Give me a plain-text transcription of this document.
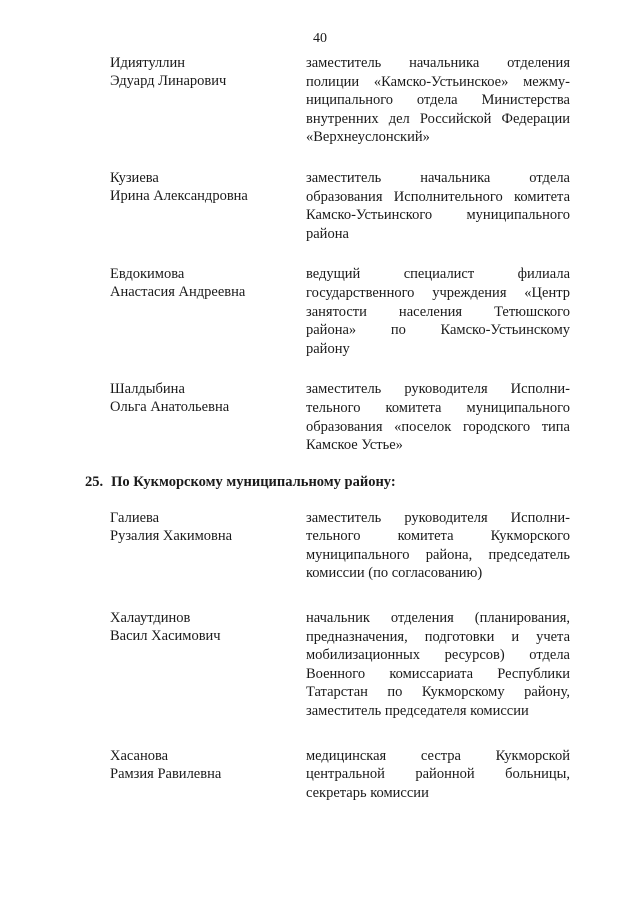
40
Идиятуллин
Эдуард Линарович
заместитель начальника отделения
полиции «Камско-Устьинское» межму-
ниципального отдела Министерства
внутренних дел Российской Федерации
«Верхнеуслонский»
Кузиева
Ирина Александровна
заместитель начальника отдела
образования Исполнительного комитета
Камско-Устьинского муниципального
района
Евдокимова
Анастасия Андреевна
ведущий специалист филиала
государственного учреждения «Центр
занятости населения Тетюшского
района» по Камско-Устьинскому
району
Шалдыбина
Ольга Анатольевна
заместитель руководителя Исполни-
тельного комитета муниципального
образования «поселок городского типа
Камское Устье»
25. По Кукморскому муниципальному району:
Галиева
Рузалия Хакимовна
заместитель руководителя Исполни-
тельного комитета Кукморского
муниципального района, председатель
комиссии (по согласованию)
Халаутдинов
Васил Хасимович
начальник отделения (планирования,
предназначения, подготовки и учета
мобилизационных ресурсов) отдела
Военного комиссариата Республики
Татарстан по Кукморскому району,
заместитель председателя комиссии
Хасанова
Рамзия Равилевна
медицинская сестра Кукморской
центральной районной больницы,
секретарь комиссии
